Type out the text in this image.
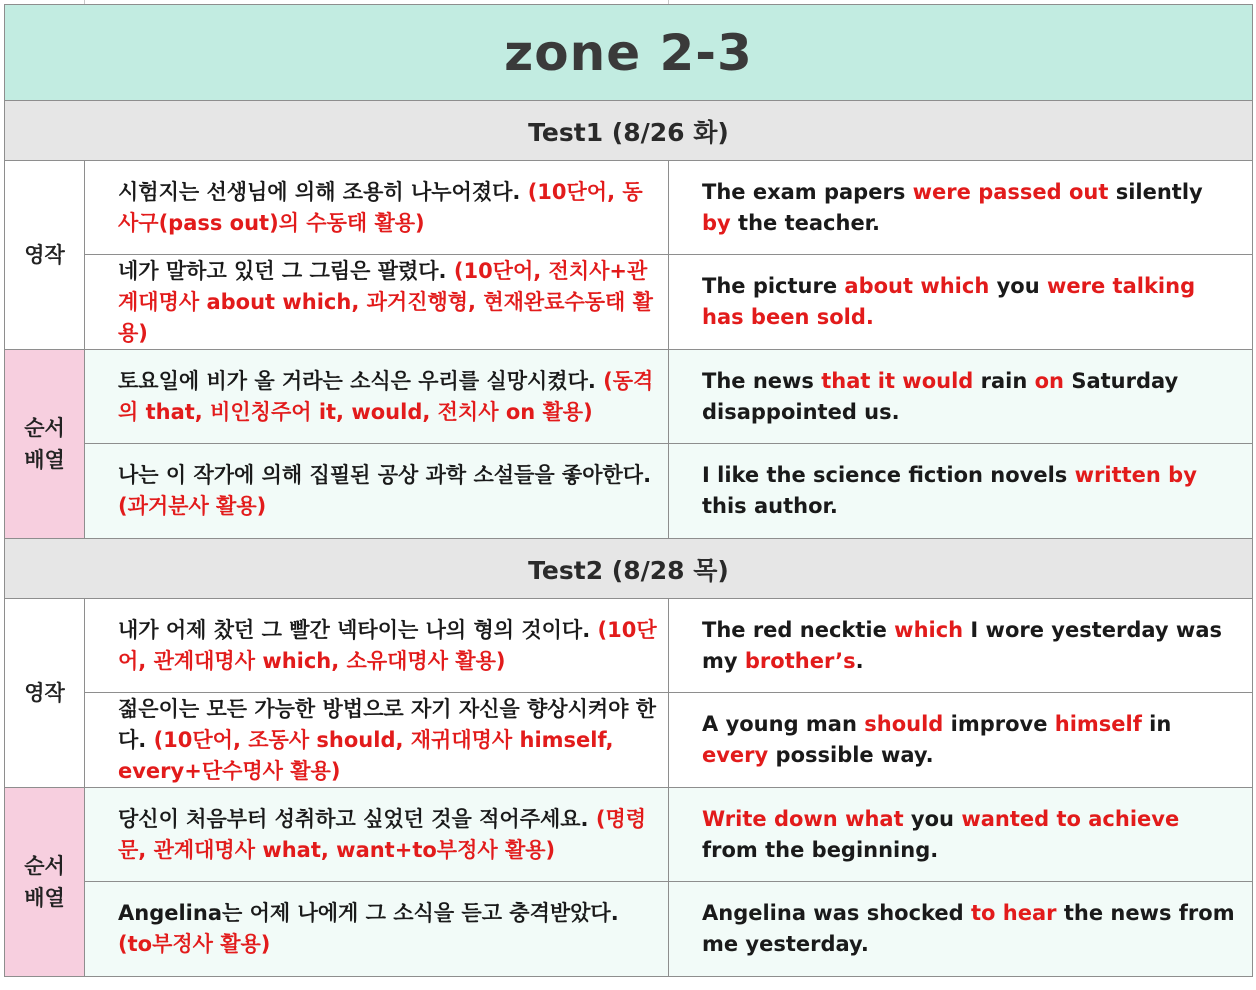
zone 2-3		
Test1 (8/26 화)		

영작	시험지는 선생님에 의해 조용히 나누어졌다. (10단어, 동사구(pass out)의 수동태 활용)	The exam papers were passed out silently by the teacher.
	네가 말하고 있던 그 그림은 팔렸다. (10단어, 전치사+관계대명사 about which, 과거진행형, 현재완료수동태 활용)	The picture about which you were talking has been sold.

순서
배열	토요일에 비가 올 거라는 소식은 우리를 실망시켰다. (동격의 that, 비인칭주어 it, would, 전치사 on 활용)	The news that it would rain on Saturday disappointed us.
	나는 이 작가에 의해 집필된 공상 과학 소설들을 좋아한다. (과거분사 활용)	I like the science fiction novels written by this author.
Test2 (8/28 목)		

영작	내가 어제 찼던 그 빨간 넥타이는 나의 형의 것이다. (10단어, 관계대명사 which, 소유대명사 활용)	The red necktie which I wore yesterday was my brother’s.
	젊은이는 모든 가능한 방법으로 자기 자신을 향상시켜야 한다. (10단어, 조동사 should, 재귀대명사 himself, every+단수명사 활용)	A young man should improve himself in every possible way.

순서
배열	당신이 처음부터 성취하고 싶었던 것을 적어주세요. (명령문, 관계대명사 what, want+to부정사 활용)	Write down what you wanted to achieve from the beginning.
	Angelina는 어제 나에게 그 소식을 듣고 충격받았다. (to부정사 활용)	Angelina was shocked to hear the news from me yesterday.
